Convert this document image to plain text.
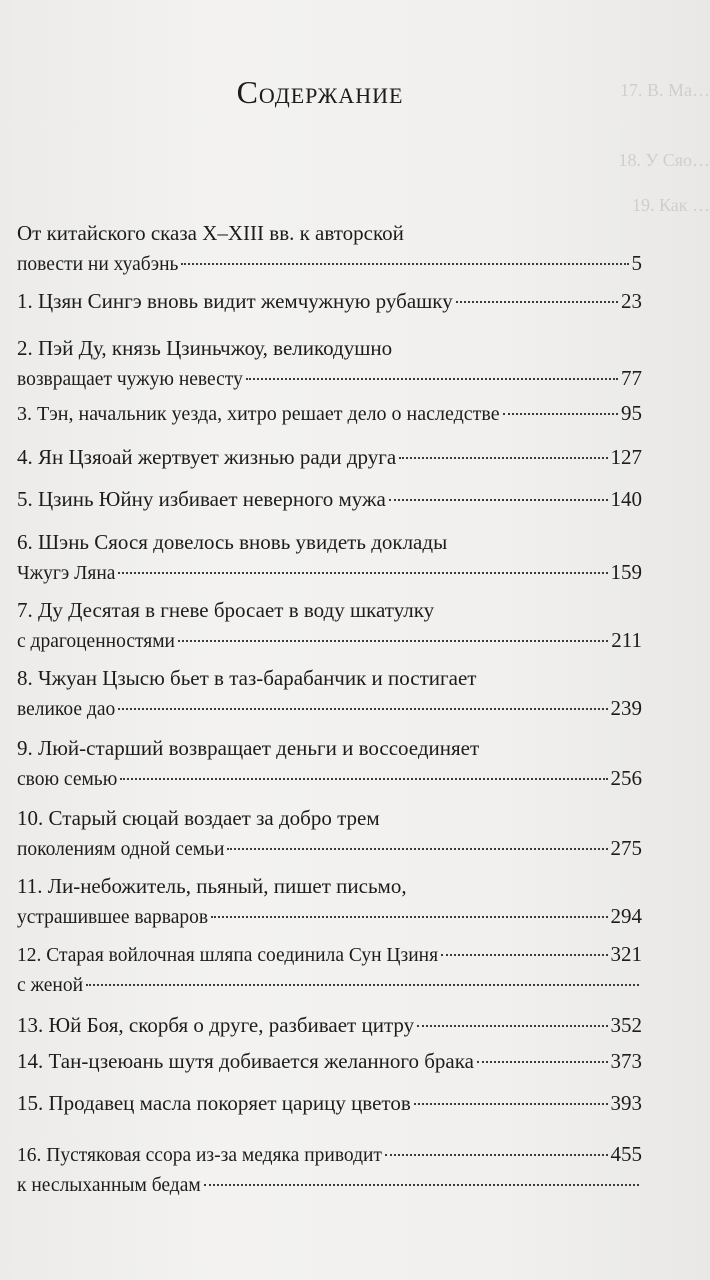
17. В. Ма…
18. У Сяо…
19. Как …
Содержание
От китайского сказа X–XIII вв. к авторской
повести ни хуабэнь	5
1. Цзян Сингэ вновь видит жемчужную рубашку	23
2. Пэй Ду, князь Цзиньчжоу, великодушно
возвращает чужую невесту	77
3. Тэн, начальник уезда, хитро решает дело о наследстве	95
4. Ян Цзяоай жертвует жизнью ради друга	127
5. Цзинь Юйну избивает неверного мужа	140
6. Шэнь Сяося довелось вновь увидеть доклады
Чжугэ Ляна	159
7. Ду Десятая в гневе бросает в воду шкатулку
с драгоценностями	211
8. Чжуан Цзысю бьет в таз-барабанчик и постигает
великое дао	239
9. Люй-старший возвращает деньги и воссоединяет
свою семью	256
10. Старый сюцай воздает за добро трем
поколениям одной семьи	275
11. Ли-небожитель, пьяный, пишет письмо,
устрашившее варваров	294
12. Старая войлочная шляпа соединила Сун Цзиня	321
с женой
13. Юй Боя, скорбя о друге, разбивает цитру	352
14. Тан-цзеюань шутя добивается желанного брака	373
15. Продавец масла покоряет царицу цветов	393
16. Пустяковая ссора из-за медяка приводит	455
к неслыханным бедам
